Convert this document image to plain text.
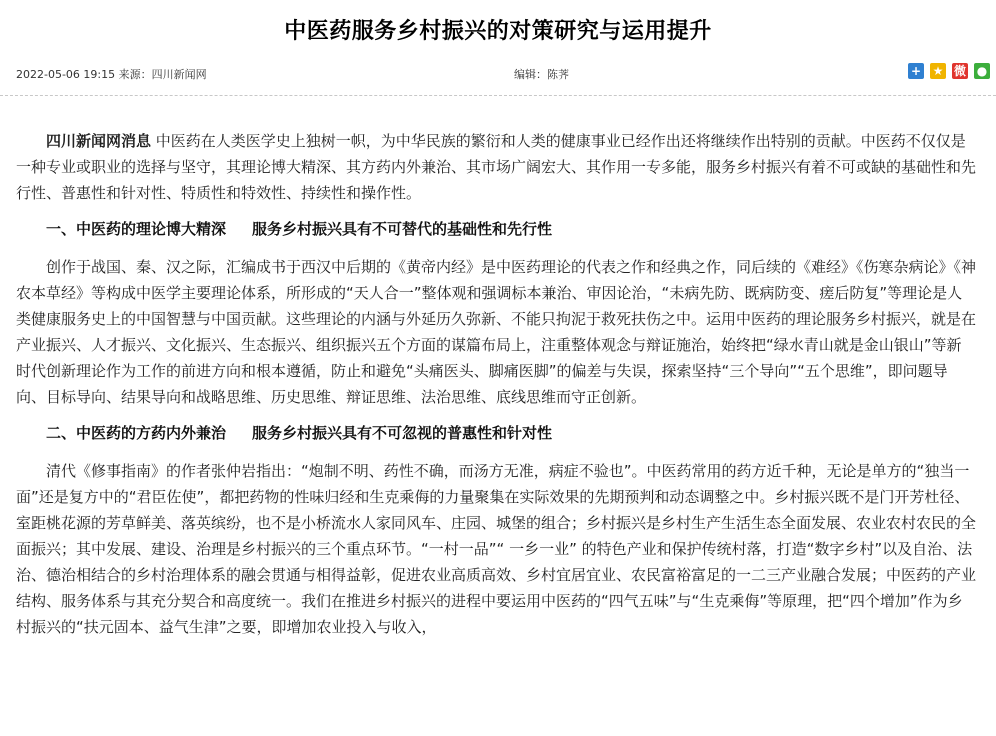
中医药服务乡村振兴的对策研究与运用提升
2022-05-06 19:15 来源：四川新闻网	编辑：陈荠	+ ★ 微 ●

四川新闻网消息 中医药在人类医学史上独树一帜，为中华民族的繁衍和人类的健康事业已经作出还将继续作出特别的贡献。中医药不仅仅是一种专业或职业的选择与坚守，其理论博大精深、其方药内外兼治、其市场广阔宏大、其作用一专多能，服务乡村振兴有着不可或缺的基础性和先行性、普惠性和针对性、特质性和特效性、持续性和操作性。

一、中医药的理论博大精深 服务乡村振兴具有不可替代的基础性和先行性

创作于战国、秦、汉之际，汇编成书于西汉中后期的《黄帝内经》是中医药理论的代表之作和经典之作，同后续的《难经》《伤寒杂病论》《神农本草经》等构成中医学主要理论体系，所形成的“天人合一”整体观和强调标本兼治、审因论治，“未病先防、既病防变、瘥后防复”等理论是人类健康服务史上的中国智慧与中国贡献。这些理论的内涵与外延历久弥新、不能只拘泥于救死扶伤之中。运用中医药的理论服务乡村振兴，就是在产业振兴、人才振兴、文化振兴、生态振兴、组织振兴五个方面的谋篇布局上，注重整体观念与辩证施治，始终把“绿水青山就是金山银山”等新时代创新理论作为工作的前进方向和根本遵循，防止和避免“头痛医头、脚痛医脚”的偏差与失误，探索坚持“三个导向”“五个思维”，即问题导向、目标导向、结果导向和战略思维、历史思维、辩证思维、法治思维、底线思维而守正创新。

二、中医药的方药内外兼治 服务乡村振兴具有不可忽视的普惠性和针对性

清代《修事指南》的作者张仲岩指出：“炮制不明、药性不确，而汤方无准，病症不验也”。中医药常用的药方近千种，无论是单方的“独当一面”还是复方中的“君臣佐使”，都把药物的性味归经和生克乘侮的力量聚集在实际效果的先期预判和动态调整之中。乡村振兴既不是门开芳杜径、室距桃花源的芳草鲜美、落英缤纷，也不是小桥流水人家同风车、庄园、城堡的组合；乡村振兴是乡村生产生活生态全面发展、农业农村农民的全面振兴；其中发展、建设、治理是乡村振兴的三个重点环节。“一村一品”“ 一乡一业” 的特色产业和保护传统村落，打造“数字乡村”以及自治、法治、德治相结合的乡村治理体系的融会贯通与相得益彰，促进农业高质高效、乡村宜居宜业、农民富裕富足的一二三产业融合发展；中医药的产业结构、服务体系与其充分契合和高度统一。我们在推进乡村振兴的进程中要运用中医药的“四气五味”与“生克乘侮”等原理，把“四个增加”作为乡村振兴的“扶元固本、益气生津”之要，即增加农业投入与收入，
